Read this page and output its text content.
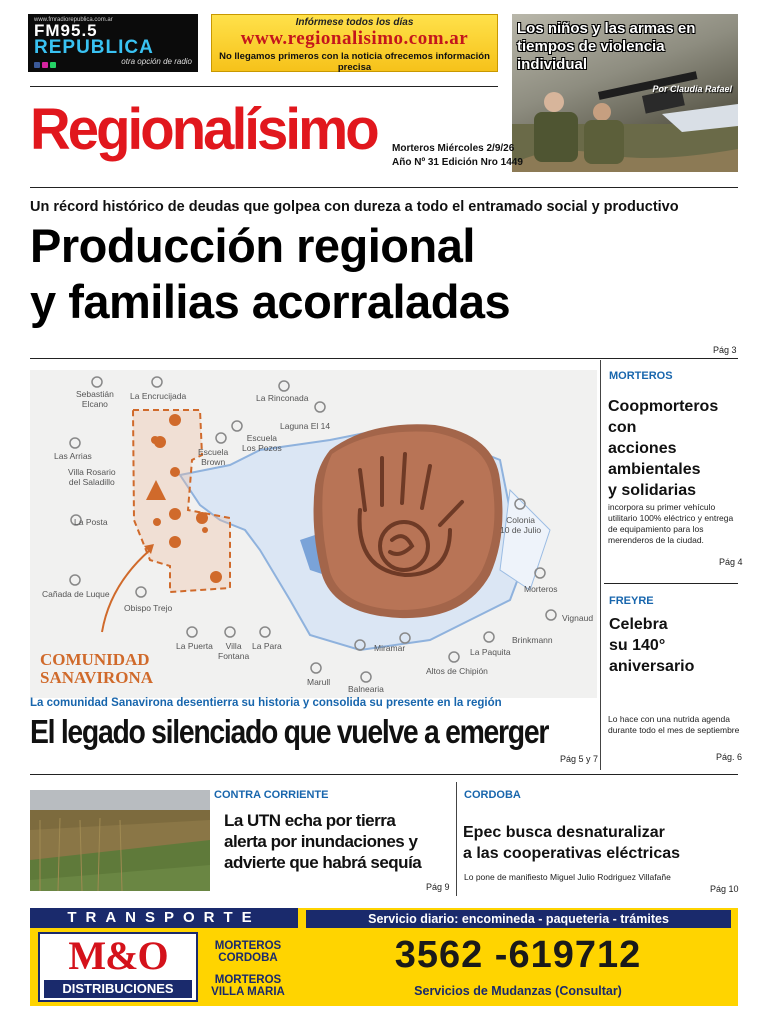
www.fmradiorepublica.com.ar
FM95.5
REPUBLICA
otra opción de radio
Infórmese todos los días
www.regionalisimo.com.ar
No llegamos primeros con la noticia ofrecemos información precisa
Los niños y las armas en tiempos de violencia individual
Por Claudia Rafael
Regionalísimo Morteros Miércoles 2/9/26
Año Nº 31 Edición Nro 1449
Un récord histórico de deudas que golpea con dureza a todo el entramado social y productivo
Producción regional
y familias acorraladas
Pág 3
Sebastián
Elcano
La Encrucijada	La Rinconada
Laguna El 14
Escuela
Los Pozos
Escuela
Brown
Las Arrias
Villa Rosario
del Saladillo
La Posta	Colonia
10 de Julio
Morteros
Cañada de Luque
Obispo Trejo
Vignaud
Brinkmann
La Puerta	Villa
Fontana
La Para	Miramar	La Paquita
Altos de Chipión
Marull
Balnearia
COMUNIDAD
SANAVIRONA
La comunidad Sanavirona desentierra su historia y consolida su presente en la región
El legado silenciado que vuelve a emerger
Pág 5 y 7
MORTEROS
Coopmorteros con
acciones
ambientales
y solidarias
incorpora su primer vehículo utilitario 100% eléctrico y entrega de equipamiento para los merenderos de la ciudad.
Pág 4
FREYRE
Celebra
su 140°
aniversario
Lo hace con una nutrida agenda durante todo el mes de septiembre
Pág. 6
CONTRA CORRIENTE
La UTN echa por tierra
alerta por inundaciones y
advierte que habrá sequía
Pág 9
CORDOBA
Epec busca desnaturalizar
a las cooperativas eléctricas
Lo pone de manifiesto Miguel Julio Rodriguez Villafañe
Pág 10
TRANSPORTE
M&O
DISTRIBUCIONES
MORTEROS
CORDOBA
MORTEROS
VILLA MARIA
Servicio diario: encomineda - paqueteria - trámites
3562 -619712
Servicios de Mudanzas (Consultar)
